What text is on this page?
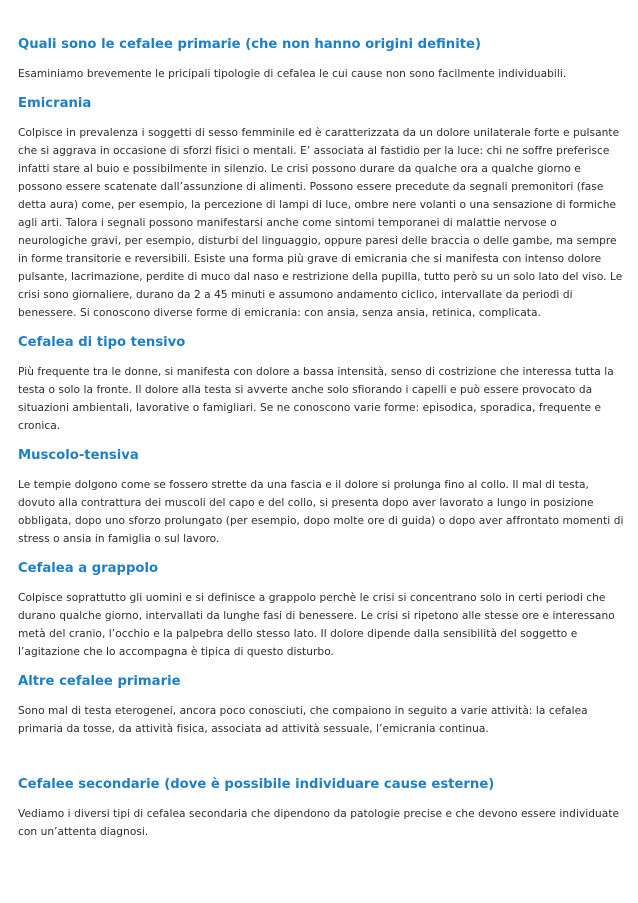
Quali sono le cefalee primarie (che non hanno origini definite)

Esaminiamo brevemente le pricipali tipologie di cefalea le cui cause non sono facilmente individuabili.

Emicrania

Colpisce in prevalenza i soggetti di sesso femminile ed è caratterizzata da un dolore unilaterale forte e pulsante che si aggrava in occasione di sforzi fisici o mentali. E’ associata al fastidio per la luce: chi ne soffre preferisce infatti stare al buio e possibilmente in silenzio. Le crisi possono durare da qualche ora a qualche giorno e possono essere scatenate dall’assunzione di alimenti. Possono essere precedute da segnali premonitori (fase detta aura) come, per esempio, la percezione di lampi di luce, ombre nere volanti o una sensazione di formiche agli arti. Talora i segnali possono manifestarsi anche come sintomi temporanei di malattie nervose o neurologiche gravi, per esempio, disturbi del linguaggio, oppure paresi delle braccia o delle gambe, ma sempre in forme transitorie e reversibili. Esiste una forma più grave di emicrania che si manifesta con intenso dolore pulsante, lacrimazione, perdite di muco dal naso e restrizione della pupilla, tutto però su un solo lato del viso. Le crisi sono giornaliere, durano da 2 a 45 minuti e assumono andamento ciclico, intervallate da periodi di benessere. Si conoscono diverse forme di emicrania: con ansia, senza ansia, retinica, complicata.

Cefalea di tipo tensivo

Più frequente tra le donne, si manifesta con dolore a bassa intensità, senso di costrizione che interessa tutta la testa o solo la fronte. Il dolore alla testa si avverte anche solo sfiorando i capelli e può essere provocato da situazioni ambientali, lavorative o famigliari. Se ne conoscono varie forme: episodica, sporadica, frequente e cronica.

Muscolo-tensiva

Le tempie dolgono come se fossero strette da una fascia e il dolore si prolunga fino al collo. Il mal di testa, dovuto alla contrattura dei muscoli del capo e del collo, si presenta dopo aver lavorato a lungo in posizione obbligata, dopo uno sforzo prolungato (per esempio, dopo molte ore di guida) o dopo aver affrontato momenti di stress o ansia in famiglia o sul lavoro.

Cefalea a grappolo

Colpisce soprattutto gli uomini e si definisce a grappolo perchè le crisi si concentrano solo in certi periodi che durano qualche giorno, intervallati da lunghe fasi di benessere. Le crisi si ripetono alle stesse ore e interessano metà del cranio, l’occhio e la palpebra dello stesso lato. Il dolore dipende dalla sensibilità del soggetto e l’agitazione che lo accompagna è tipica di questo disturbo.

Altre cefalee primarie

Sono mal di testa eterogenei, ancora poco conosciuti, che compaiono in seguito a varie attività: la cefalea primaria da tosse, da attività fisica, associata ad attività sessuale, l’emicrania continua.

Cefalee secondarie (dove è possibile individuare cause esterne)

Vediamo i diversi tipi di cefalea secondaria che dipendono da patologie precise e che devono essere individuate con un’attenta diagnosi.
